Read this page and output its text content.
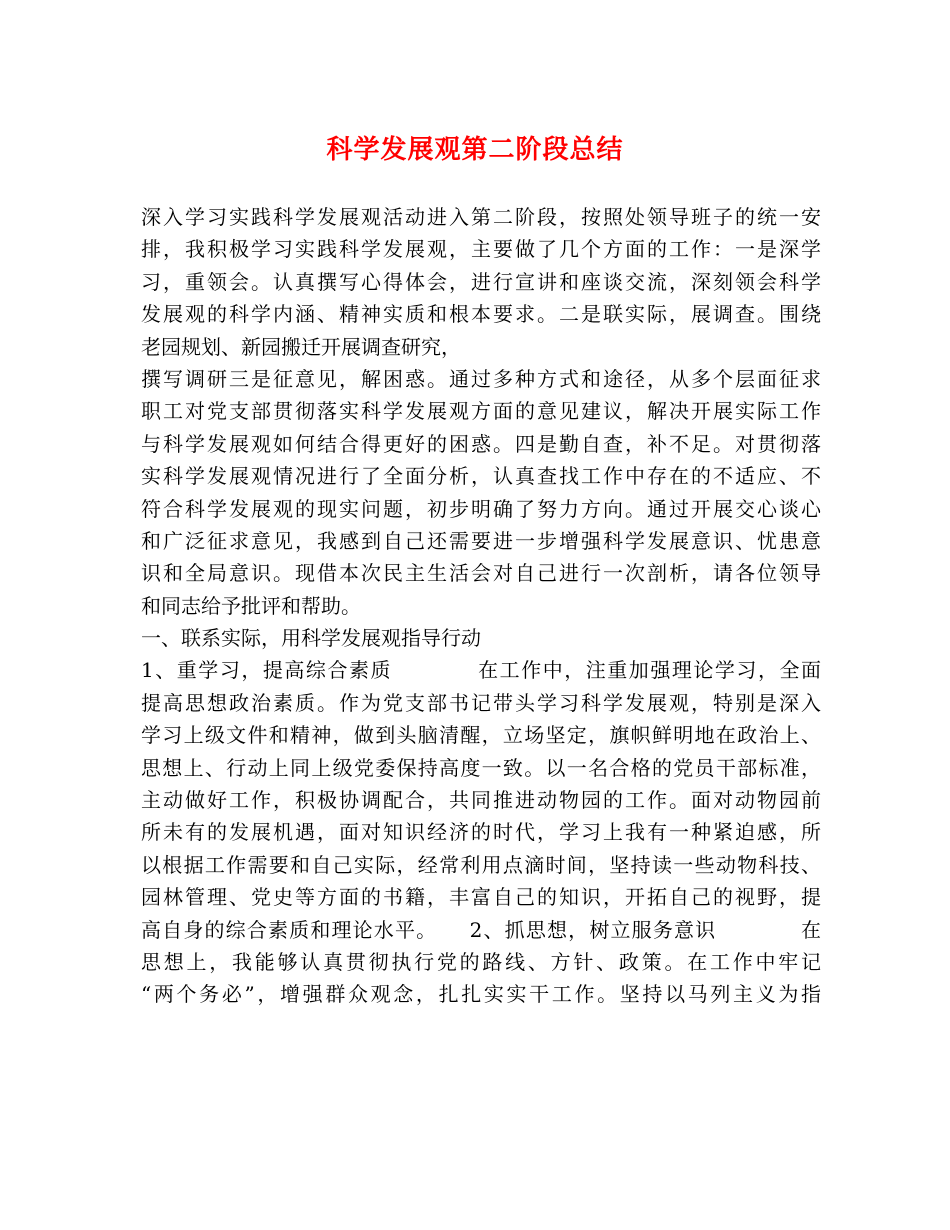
科学发展观第二阶段总结
深入学习实践科学发展观活动进入第二阶段，按照处领导班子的统一安
排，我积极学习实践科学发展观，主要做了几个方面的工作：一是深学
习，重领会。认真撰写心得体会，进行宣讲和座谈交流，深刻领会科学
发展观的科学内涵、精神实质和根本要求。二是联实际，展调查。围绕
老园规划、新园搬迁开展调查研究，
撰写调研三是征意见，解困惑。通过多种方式和途径，从多个层面征求
职工对党支部贯彻落实科学发展观方面的意见建议，解决开展实际工作
与科学发展观如何结合得更好的困惑。四是勤自查，补不足。对贯彻落
实科学发展观情况进行了全面分析，认真查找工作中存在的不适应、不
符合科学发展观的现实问题，初步明确了努力方向。通过开展交心谈心
和广泛征求意见，我感到自己还需要进一步增强科学发展意识、忧患意
识和全局意识。现借本次民主生活会对自己进行一次剖析，请各位领导
和同志给予批评和帮助。
一、联系实际，用科学发展观指导行动
1、重学习，提高综合素质　　　　在工作中，注重加强理论学习，全面
提高思想政治素质。作为党支部书记带头学习科学发展观，特别是深入
学习上级文件和精神，做到头脑清醒，立场坚定，旗帜鲜明地在政治上、
思想上、行动上同上级党委保持高度一致。以一名合格的党员干部标准，
主动做好工作，积极协调配合，共同推进动物园的工作。面对动物园前
所未有的发展机遇，面对知识经济的时代，学习上我有一种紧迫感，所
以根据工作需要和自己实际，经常利用点滴时间，坚持读一些动物科技、
园林管理、党史等方面的书籍，丰富自己的知识，开拓自己的视野，提
高自身的综合素质和理论水平。　　2、抓思想，树立服务意识　　　　在
思想上，我能够认真贯彻执行党的路线、方针、政策。在工作中牢记
“两个务必”，增强群众观念，扎扎实实干工作。坚持以马列主义为指
